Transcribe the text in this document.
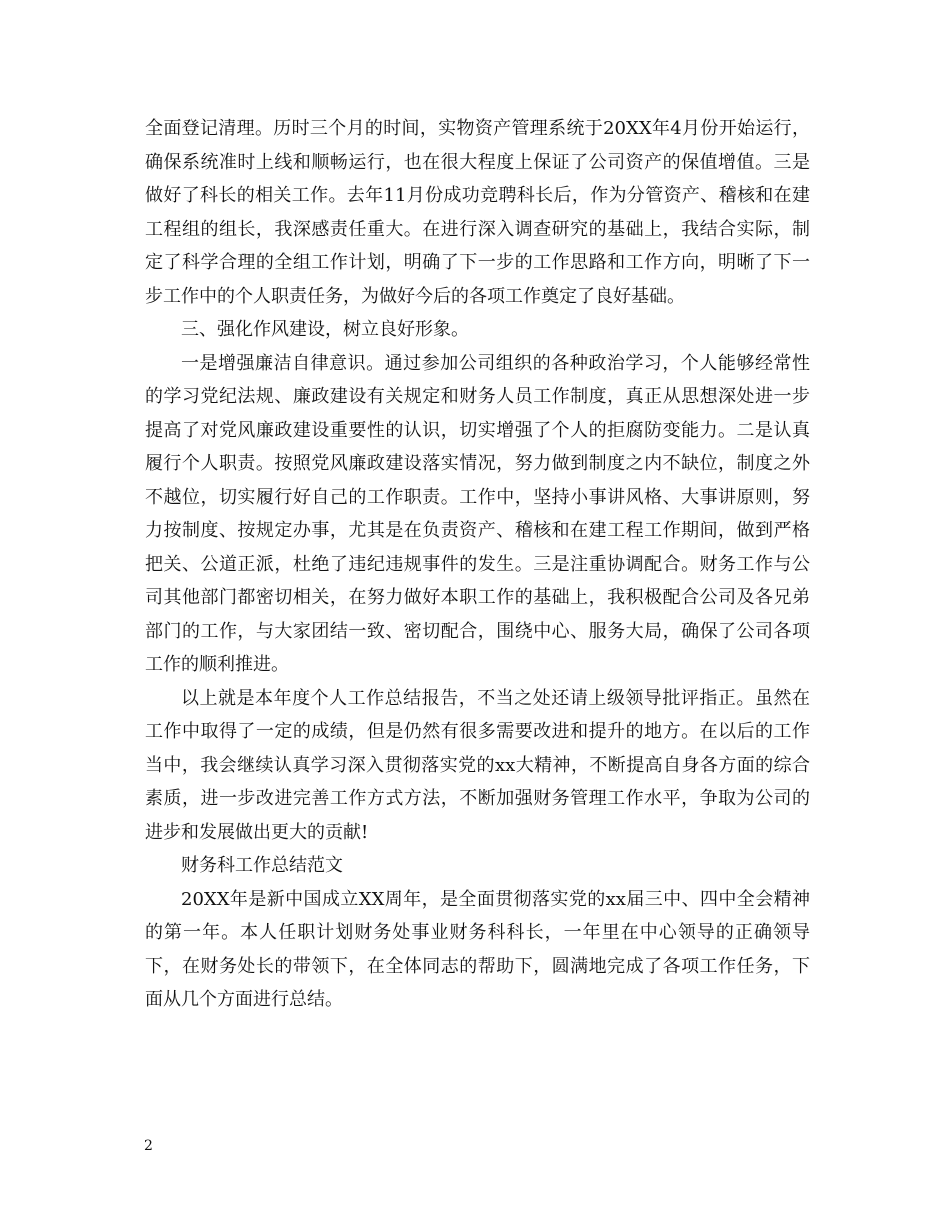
全面登记清理。历时三个月的时间，实物资产管理系统于20XX年4月份开始运行，确保系统准时上线和顺畅运行，也在很大程度上保证了公司资产的保值增值。三是做好了科长的相关工作。去年11月份成功竞聘科长后，作为分管资产、稽核和在建工程组的组长，我深感责任重大。在进行深入调查研究的基础上，我结合实际，制定了科学合理的全组工作计划，明确了下一步的工作思路和工作方向，明晰了下一步工作中的个人职责任务，为做好今后的各项工作奠定了良好基础。

三、强化作风建设，树立良好形象。

一是增强廉洁自律意识。通过参加公司组织的各种政治学习，个人能够经常性的学习党纪法规、廉政建设有关规定和财务人员工作制度，真正从思想深处进一步提高了对党风廉政建设重要性的认识，切实增强了个人的拒腐防变能力。二是认真履行个人职责。按照党风廉政建设落实情况，努力做到制度之内不缺位，制度之外不越位，切实履行好自己的工作职责。工作中，坚持小事讲风格、大事讲原则，努力按制度、按规定办事，尤其是在负责资产、稽核和在建工程工作期间，做到严格把关、公道正派，杜绝了违纪违规事件的发生。三是注重协调配合。财务工作与公司其他部门都密切相关，在努力做好本职工作的基础上，我积极配合公司及各兄弟部门的工作，与大家团结一致、密切配合，围绕中心、服务大局，确保了公司各项工作的顺利推进。

以上就是本年度个人工作总结报告，不当之处还请上级领导批评指正。虽然在工作中取得了一定的成绩，但是仍然有很多需要改进和提升的地方。在以后的工作当中，我会继续认真学习深入贯彻落实党的xx大精神，不断提高自身各方面的综合素质，进一步改进完善工作方式方法，不断加强财务管理工作水平，争取为公司的进步和发展做出更大的贡献!

财务科工作总结范文

20XX年是新中国成立XX周年，是全面贯彻落实党的xx届三中、四中全会精神的第一年。本人任职计划财务处事业财务科科长，一年里在中心领导的正确领导下，在财务处长的带领下，在全体同志的帮助下，圆满地完成了各项工作任务，下面从几个方面进行总结。

2
